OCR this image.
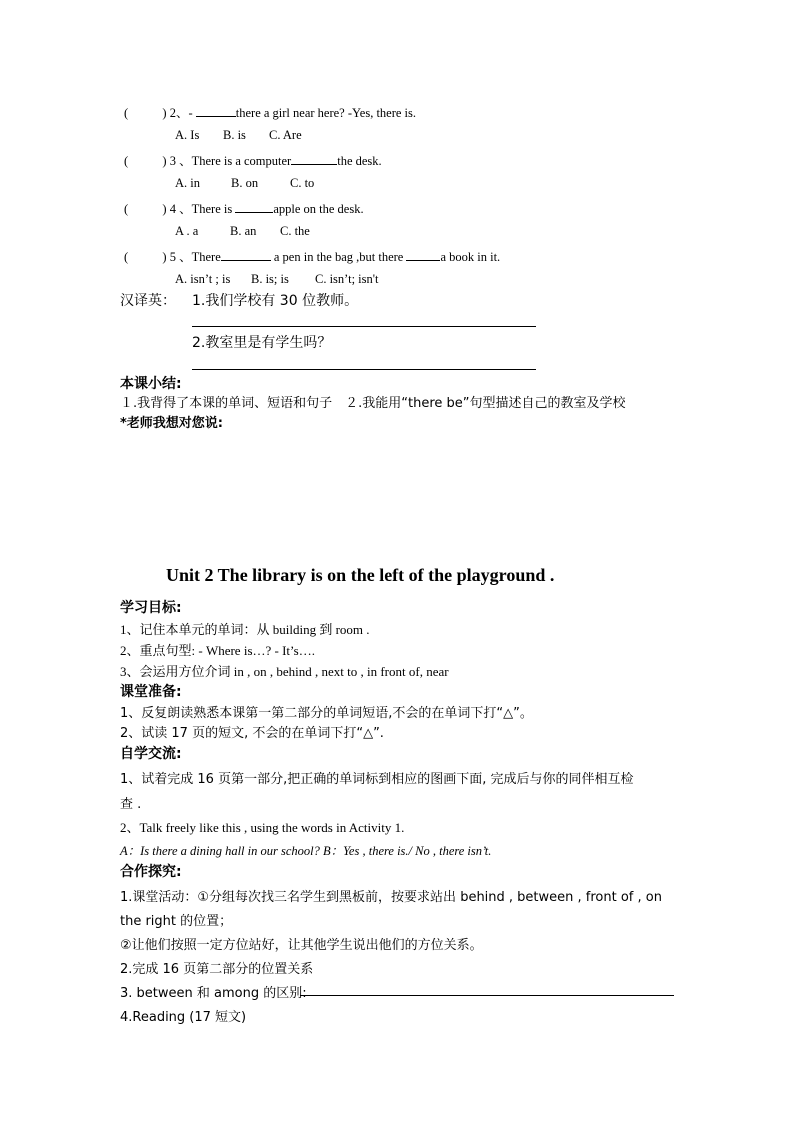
(	) 2、-	there a girl near here? -Yes, there is.
A. Is B. is C. Are
(	) 3 、There is a computer	the desk.
A. in B. on	C. to
(	) 4 、There is	apple on the desk.
A . a	B. an C. the
(	) 5 、There	a pen in the bag ,but there	a book in it.
A. isn’t ; is B. is; is C. isn’t; isn't
汉译英： 1.我们学校有 30 位教师。
2.教室里是有学生吗？
本课小结:
１.我背得了本课的单词、短语和句子　２.我能用“there be”句型描述自己的教室及学校
*老师我想对您说:
Unit 2 The library is on the left of the playground .
学习目标:
1、记住本单元的单词：从 building 到 room .
2、重点句型: - Where is…? - It’s….
3、会运用方位介词 in , on , behind , next to , in front of, near
课堂准备:
1、反复朗读熟悉本课第一第二部分的单词短语,不会的在单词下打“△”。
2、试读 17 页的短文, 不会的在单词下打“△”.
自学交流:
1、试着完成 16 页第一部分,把正确的单词标到相应的图画下面, 完成后与你的同伴相互检
查 .
2、Talk freely like this , using the words in Activity 1.
A：Is there a dining hall in our school? B：Yes , there is./ No , there isn’t.
合作探究:
1.课堂活动：①分组每次找三名学生到黑板前，按要求站出 behind , between , front of , on
the right 的位置；
②让他们按照一定方位站好，让其他学生说出他们的方位关系。
2.完成 16 页第二部分的位置关系
3. between 和 among 的区别:
4.Reading (17 短文)
